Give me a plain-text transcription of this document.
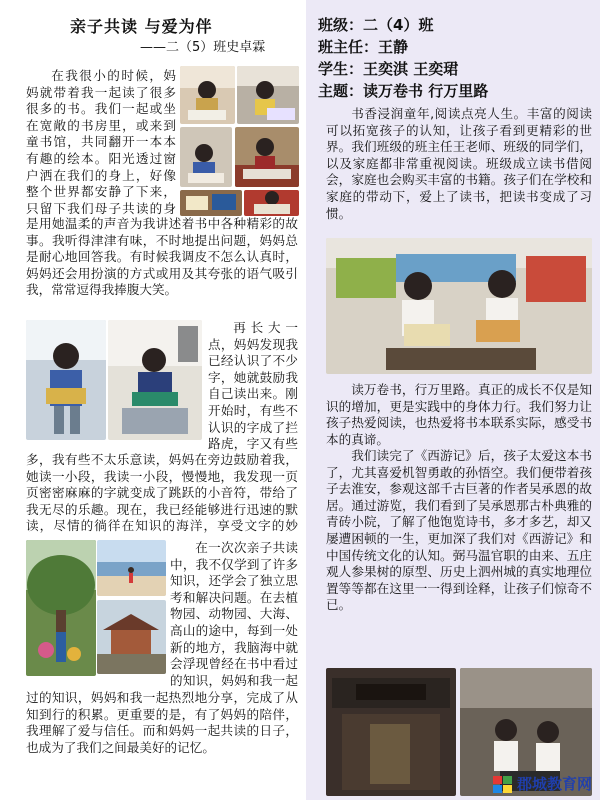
亲子共读 与爱为伴
——二（5）班史卓霖

在我很小的时候，妈妈就带着我一起读了很多很多的书。我们一起或坐在宽敞的书房里，或来到童书馆，共同翻开一本本有趣的绘本。阳光透过窗户洒在我们的身上，好像整个世界都安静了下来，只留下我们母子共读的身

是用她温柔的声音为我讲述着书中各种精彩的故事。我听得津津有味，不时地提出问题，妈妈总是耐心地回答我。有时候我调皮不怎么认真时，妈妈还会用扮演的方式或用及其夸张的语气吸引我，常常逗得我捧腹大笑。

再长大一点，妈妈发现我已经认识了不少字，她就鼓励我自己读出来。刚开始时，有些不认识的字成了拦路虎，字又有些

多，我有些不太乐意读，妈妈在旁边鼓励着我，她读一小段，我读一小段，慢慢地，我发现一页页密密麻麻的字就变成了跳跃的小音符，带给了我无尽的乐趣。现在，我已经能够进行迅速的默读，尽情的徜徉在知识的海洋，享受文字的妙

在一次次亲子共读中，我不仅学到了许多知识，还学会了独立思考和解决问题。在去植物园、动物园、大海、高山的途中，每到一处新的地方，我脑海中就会浮现曾经在书中看过的知识，妈妈和我一起

过的知识，妈妈和我一起热烈地分享，完成了从知到行的积累。更重要的是，有了妈妈的陪伴，我理解了爱与信任。而和妈妈一起共读的日子，也成为了我们之间最美好的记忆。

班级：二（4）班
班主任：王静
学生：王奕淇 王奕珺
主题：读万卷书 行万里路

书香浸润童年,阅读点亮人生。丰富的阅读可以拓宽孩子的认知，让孩子看到更精彩的世界。我们班级的班主任王老师、班级的同学们，以及家庭都非常重视阅读。班级成立读书借阅会，家庭也会购买丰富的书籍。孩子们在学校和家庭的带动下，爱上了读书，把读书变成了习惯。

读万卷书，行万里路。真正的成长不仅是知识的增加，更是实践中的身体力行。我们努力让孩子热爱阅读，也热爱将书本联系实际，感受书本的真谛。

我们读完了《西游记》后，孩子太爱这本书了，尤其喜爱机智勇敢的孙悟空。我们便带着孩子去淮安，参观这部千古巨著的作者吴承恩的故居。通过游览，我们看到了吴承恩那古朴典雅的青砖小院，了解了他饱览诗书，多才多艺，却又屡遭困顿的一生，更加深了我们对《西游记》和中国传统文化的认知。弼马温官职的由来、五庄观人参果树的原型、历史上泗州城的真实地理位置等等都在这里一一得到诠释，让孩子们惊奇不已。

郡城教育网
